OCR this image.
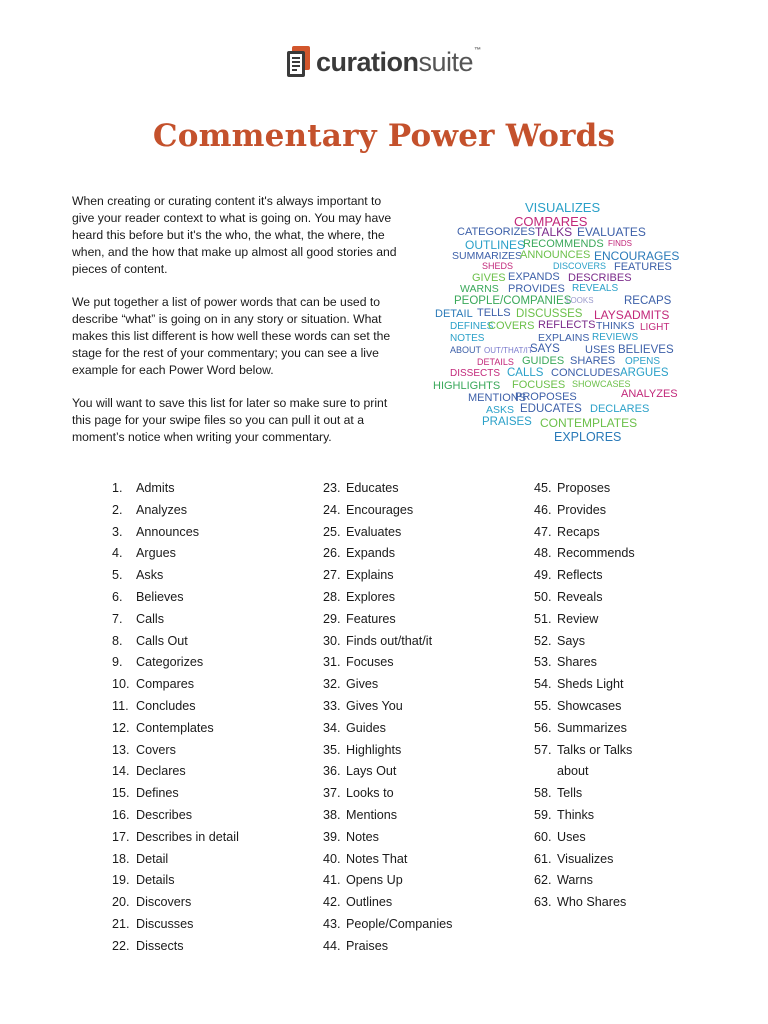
curationsuite™
Commentary Power Words

When creating or curating content it's always important to give your reader context to what is going on. You may have heard this before but it's the who, the what, the where, the when, and the how that make up almost all good stories and pieces of content.

We put together a list of power words that can be used to describe “what” is going on in any story or situation. What makes this list different is how well these words can set the stage for the rest of your commentary; you can see a live example for each Power Word below.

You will want to save this list for later so make sure to print this page for your swipe files so you can pull it out at a moment’s notice when writing your commentary.

VISUALIZES
COMPARES
CATEGORIZES TALKS EVALUATES
OUTLINES
RECOMMENDS FINDS
SUMMARIZES
ANNOUNCES ENCOURAGES
SHEDS	DISCOVERS FEATURES
GIVES EXPANDS DESCRIBES
WARNS PROVIDES REVEALS
PEOPLE/COMPANIES
LOOKS	RECAPS
DETAIL TELLS DISCUSSES LAYS ADMITS
DEFINES
COVERS REFLECTS THINKS LIGHT
NOTES	EXPLAINS REVIEWS
ABOUT OUT/THAT/IT
SAYS USES BELIEVES
DETAILS GUIDES SHARES OPENS
DISSECTS CALLS CONCLUDES ARGUES
HIGHLIGHTS	SHOWCASES
FOCUSES
ANALYZES
MENTIONS
PROPOSES
ASKS EDUCATES DECLARES
PRAISES CONTEMPLATES
EXPLORES
1.	Admits
2.	Analyzes
3.	Announces
4.	Argues
5.	Asks
6.	Believes
7.	Calls
8.	Calls Out
9.	Categorizes
10. Compares
11. Concludes
12. Contemplates
13. Covers
14. Declares
15. Defines
16. Describes
17. Describes in detail
18. Detail
19. Details
20. Discovers
21. Discusses
22. Dissects
23. Educates
24. Encourages
25. Evaluates
26. Expands
27. Explains
28. Explores
29. Features
30. Finds out/that/it
31. Focuses
32. Gives
33. Gives You
34. Guides
35. Highlights
36. Lays Out
37. Looks to
38. Mentions
39. Notes
40. Notes That
41. Opens Up
42. Outlines
43. People/Companies
44. Praises
45. Proposes
46. Provides
47. Recaps
48. Recommends
49. Reflects
50. Reveals
51. Review
52. Says
53. Shares
54. Sheds Light
55. Showcases
56. Summarizes
57. Talks or Talks about
58. Tells
59. Thinks
60. Uses
61. Visualizes
62. Warns
63. Who Shares
